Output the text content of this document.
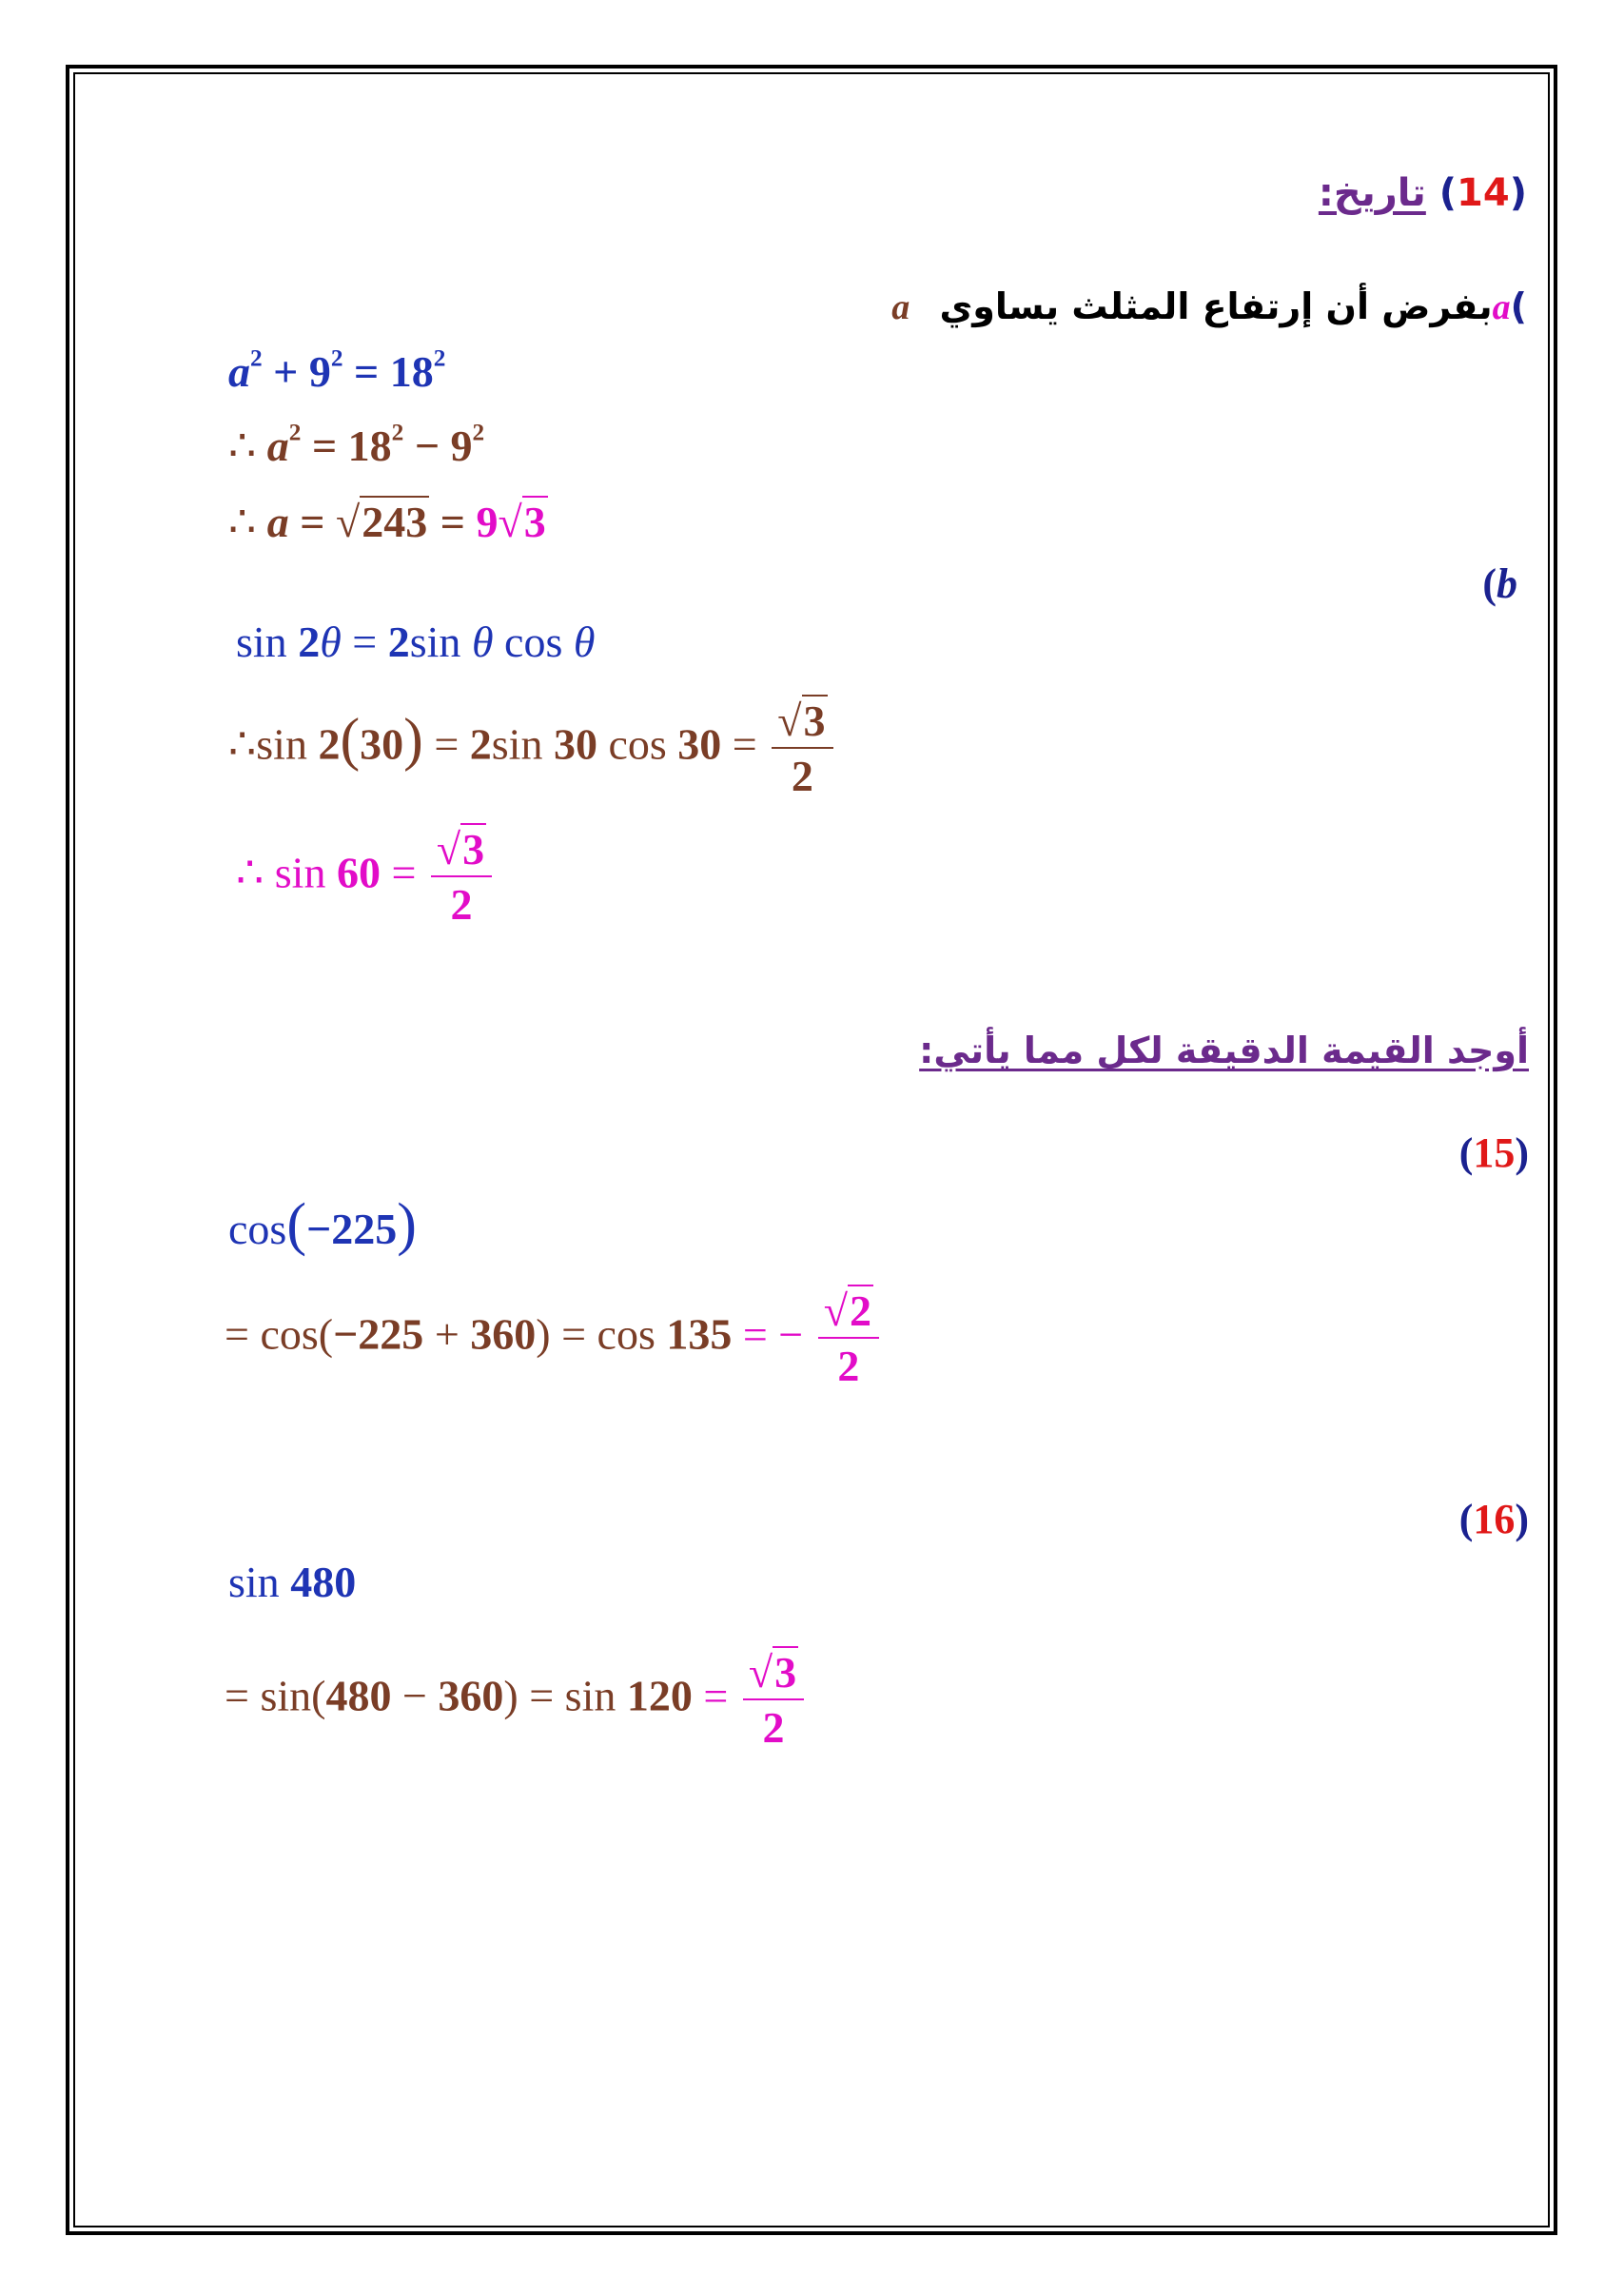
(14) تاريخ:
)aبفرض أن إرتفاع المثلث يساوي a
$a^2 + 9^2 = 18^2$
∴ $a^2 = 18^2 - 9^2$
∴ a = √243 = 9√3
(b
sin 2θ = 2sin θ cos θ
∴sin 2(30) = 2sin 30 $\cos 30 = \frac{√3}{2}$
∴ $\sin 60 = \frac{√3}{2}$
أوجد القيمة الدقيقة لكل مما يأتي:
(15)
cos(−225)
= cos(−225 + 360) = cos 135 = − $\frac{√2}{2}$
(16)
sin 480
= $\sin(480 - 360) = \sin 120 = \frac{√3}{2}$
